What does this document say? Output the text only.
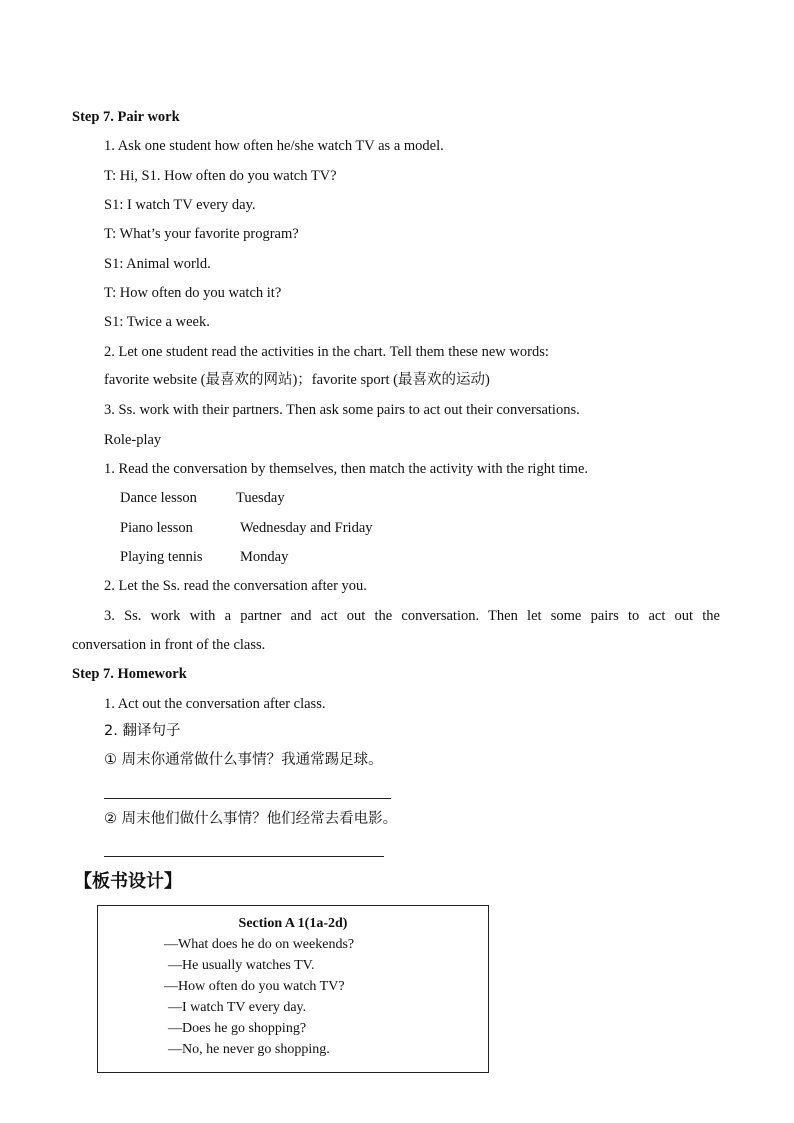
Step 7. Pair work
1. Ask one student how often he/she watch TV as a model.
T: Hi, S1. How often do you watch TV?
S1: I watch TV every day.
T: What’s your favorite program?
S1: Animal world.
T: How often do you watch it?
S1: Twice a week.
2. Let one student read the activities in the chart. Tell them these new words:
favorite website (最喜欢的网站)；favorite sport (最喜欢的运动)
3. Ss. work with their partners. Then ask some pairs to act out their conversations.
Role-play
1. Read the conversation by themselves, then match the activity with the right time.
Dance lesson	Tuesday
Piano lesson	Wednesday and Friday
Playing tennis	Monday
2. Let the Ss. read the conversation after you.
3. Ss. work with a partner and act out the conversation. Then let some pairs to act out the
conversation in front of the class.
Step 7. Homework
1. Act out the conversation after class.
2. 翻译句子
① 周末你通常做什么事情？我通常踢足球。
② 周末他们做什么事情？他们经常去看电影。
【板书设计】
Section A 1(1a-2d)
—What does he do on weekends?
—He usually watches TV.
—How often do you watch TV?
—I watch TV every day.
—Does he go shopping?
—No, he never go shopping.
